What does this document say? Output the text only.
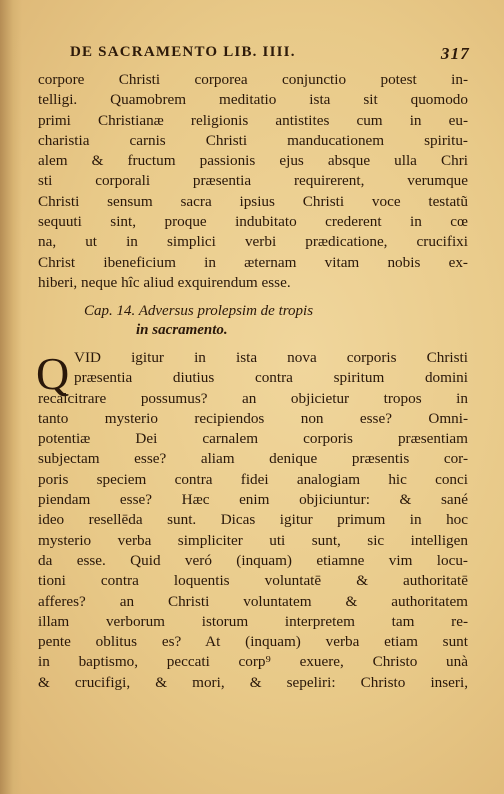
DE SACRAMENTO LIB. IIII.	317
corpore Christi corporea conjunctio potest in-
telligi. Quamobrem meditatio ista sit quomodo
primi Christianæ religionis antistites cum in eu-
charistia carnis Christi manducationem spiritu-
alem & fructum passionis ejus absque ulla Chri
sti corporali præsentia requirerent, verumque
Christi sensum sacra ipsius Christi voce testatũ
sequuti sint, proque indubitato crederent in cœ
na, ut in simplici verbi prædicatione, crucifixi
Christ ibeneficium in æternam vitam nobis ex-
hiberi, neque hîc aliud exquirendum esse.
Cap. 14. Adversus prolepsim de tropis
in sacramento.
Q VID igitur in ista nova corporis Christi
præsentia diutius contra spiritum domini
recalcitrare possumus? an objicietur tropos in
tanto mysterio recipiendos non esse? Omni-
potentiæ Dei carnalem corporis præsentiam
subjectam esse? aliam denique præsentis cor-
poris speciem contra fidei analogiam hic conci
piendam esse? Hæc enim objiciuntur: & sané
ideo resellēda sunt. Dicas igitur primum in hoc
mysterio verba simpliciter uti sunt, sic intelligen
da esse. Quid veró (inquam) etiamne vim locu-
tioni contra loquentis voluntatē & authoritatē
afferes? an Christi voluntatem & authoritatem
illam verborum istorum interpretem tam re-
pente oblitus es? At (inquam) verba etiam sunt
in baptismo, peccati corp⁹ exuere, Christo unà
& crucifigi, & mori, & sepeliri: Christo inseri,
